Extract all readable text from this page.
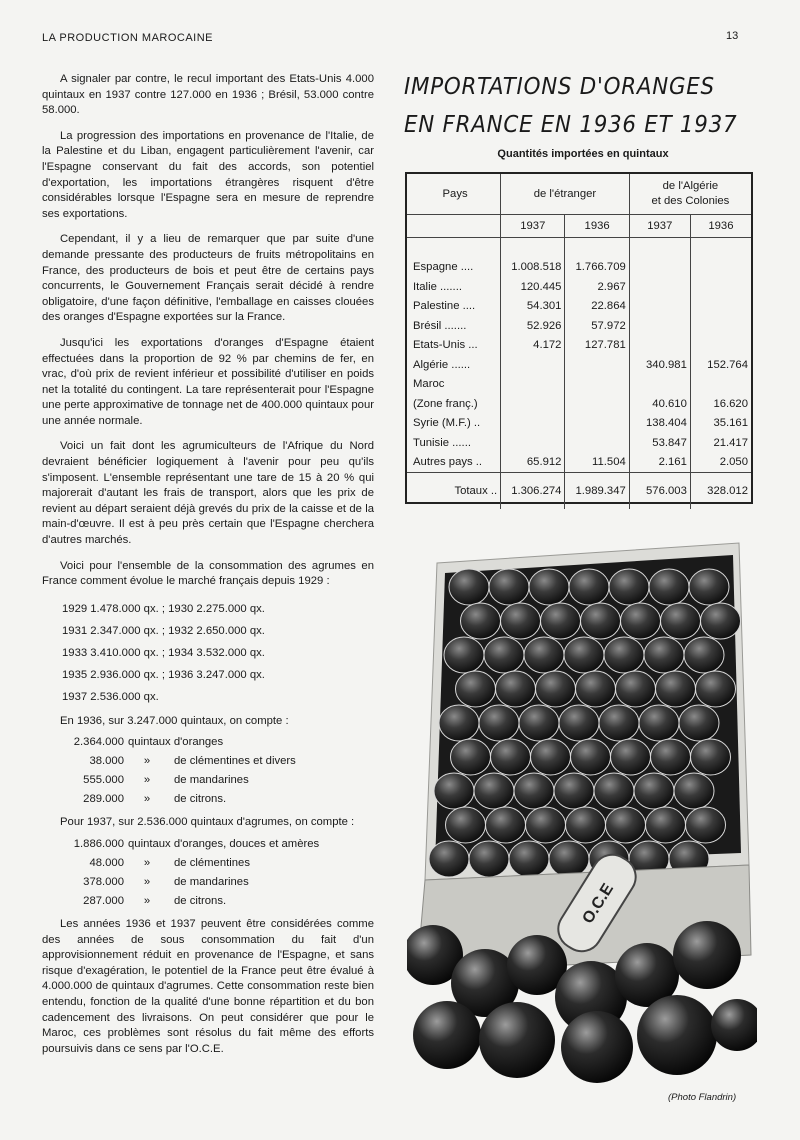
LA PRODUCTION MAROCAINE	13

A signaler par contre, le recul important des Etats-Unis 4.000 quintaux en 1937 contre 127.000 en 1936 ; Brésil, 53.000 contre 58.000.

La progression des importations en provenance de l'Italie, de la Palestine et du Liban, engagent particulièrement l'avenir, car l'Espagne conservant du fait des accords, son potentiel d'exportation, les importations étrangères risquent d'être considérables lorsque l'Espagne sera en mesure de reprendre ses exportations.

Cependant, il y a lieu de remarquer que par suite d'une demande pressante des producteurs de fruits métropolitains en France, des producteurs de bois et peut être de certains pays concurrents, le Gouvernement Français serait décidé à rendre obligatoire, d'une façon définitive, l'emballage en caisses clouées des oranges d'Espagne exportées sur la France.

Jusqu'ici les exportations d'oranges d'Espagne étaient effectuées dans la proportion de 92 % par chemins de fer, en vrac, d'où prix de revient inférieur et possibilité d'utiliser en poids net la totalité du contingent. La tare représenterait pour l'Espagne une perte approximative de tonnage net de 400.000 quintaux pour une année normale.

Voici un fait dont les agrumiculteurs de l'Afrique du Nord devraient bénéficier logiquement à l'avenir pour peu qu'ils s'imposent. L'ensemble représentant une tare de 15 à 20 % qui majorerait d'autant les frais de transport, alors que les prix de revient au départ seraient déjà grevés du prix de la caisse et de la main-d'œuvre. Il est à peu près certain que l'Espagne cherchera d'autres marchés.

Voici pour l'ensemble de la consommation des agrumes en France comment évolue le marché français depuis 1929 :

1929 1.478.000 qx. ; 1930 2.275.000 qx.
1931 2.347.000 qx. ; 1932 2.650.000 qx.
1933 3.410.000 qx. ; 1934 3.532.000 qx.
1935 2.936.000 qx. ; 1936 3.247.000 qx.
1937 2.536.000 qx.

En 1936, sur 3.247.000 quintaux, on compte :

2.364.000 quintaux d'oranges
38.000	»	de clémentines et divers
555.000	»	de mandarines
289.000	»	de citrons.

Pour 1937, sur 2.536.000 quintaux d'agrumes, on compte :

1.886.000 quintaux d'oranges, douces et amères
48.000	»	de clémentines
378.000	»	de mandarines
287.000	»	de citrons.

Les années 1936 et 1937 peuvent être considérées comme des années de sous consommation du fait d'un approvisionnement réduit en provenance de l'Espagne, et sans risque d'exagération, le potentiel de la France peut être évalué à 4.000.000 de quintaux d'agrumes. Cette consommation reste bien entendu, fonction de la qualité d'une bonne répartition et du bon cadencement des livraisons. On peut considérer que pour le Maroc, ces problèmes sont résolus du fait même des efforts poursuivis dans ce sens par l'O.C.E.

IMPORTATIONS D'ORANGES
EN FRANCE EN 1936 ET 1937
Quantités importées en quintaux
Pays	de l'étranger		de l'Algérie
et des Colonies	

	1937	1936	1937	1936

Espagne ....	1.008.518	1.766.709		
Italie .......	120.445	2.967		
Palestine ....	54.301	22.864		
Brésil .......	52.926	57.972		
Etats-Unis ...	4.172	127.781		
Algérie ......			340.981	152.764
Maroc				
(Zone franç.)			40.610	16.620
Syrie (M.F.) ..			138.404	35.161
Tunisie ......			53.847	21.417
Autres pays ..	65.912	11.504	2.161	2.050
Totaux ..	1.306.274	1.989.347	576.003	328.012
O.C.E
(Photo Flandrin)
